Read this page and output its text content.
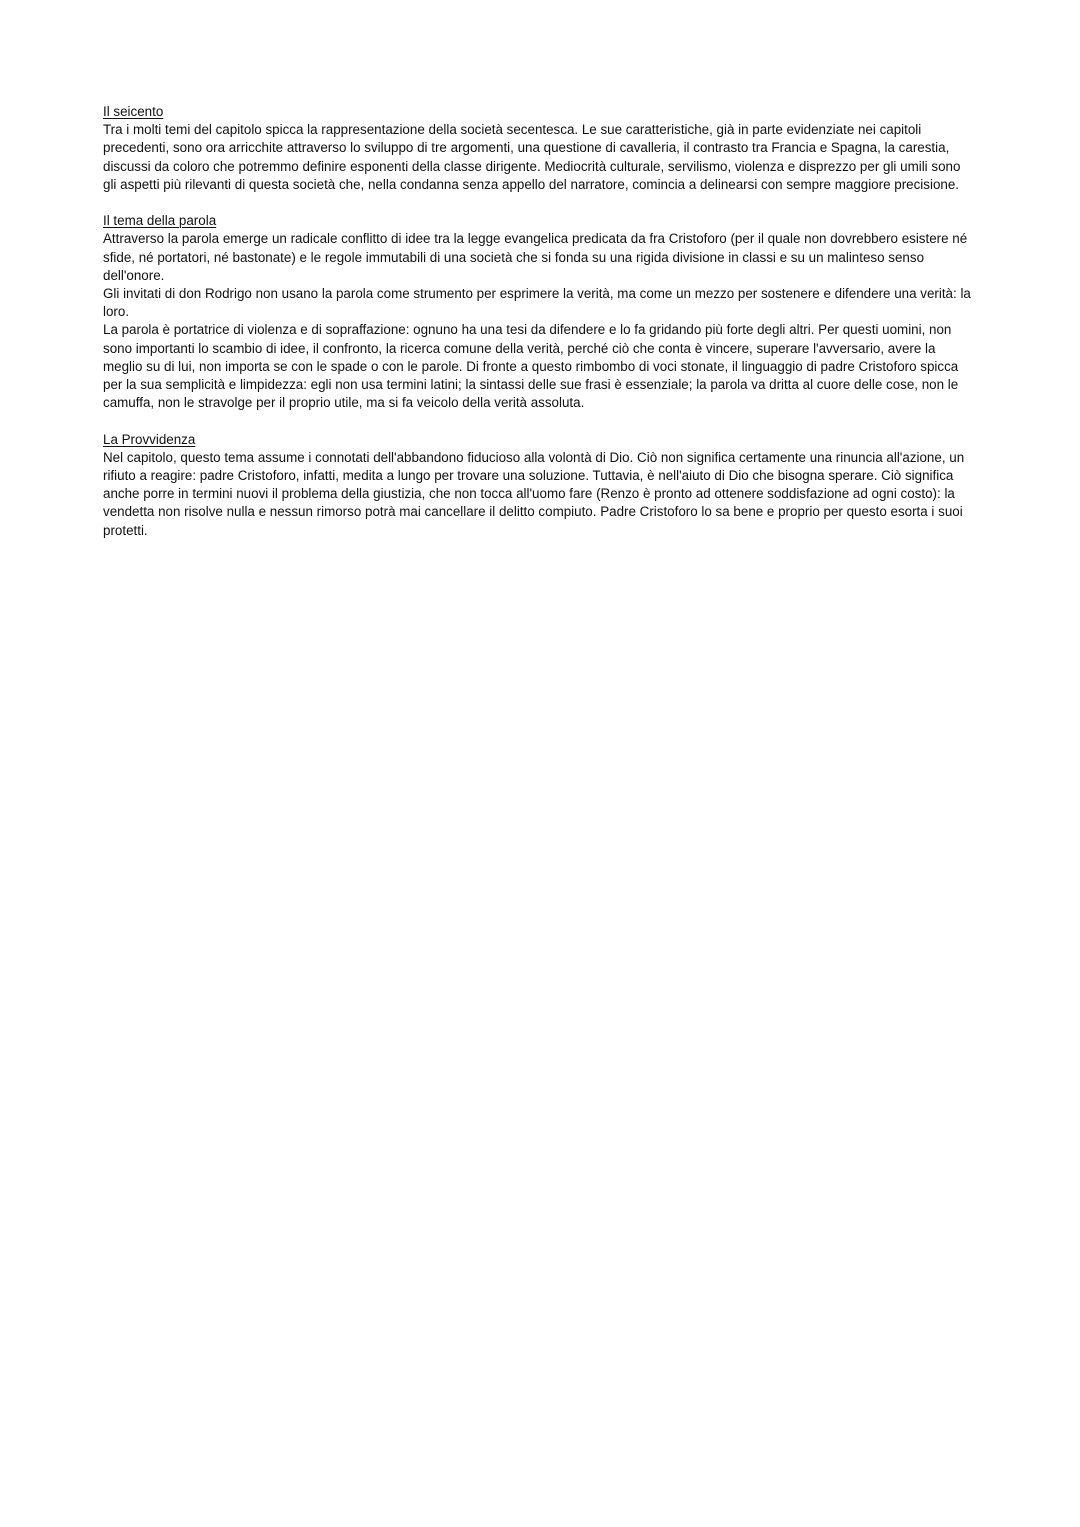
Il seicento

Tra i molti temi del capitolo spicca la rappresentazione della società secentesca. Le sue caratteristiche, già in parte evidenziate nei capitoli precedenti, sono ora arricchite attraverso lo sviluppo di tre argomenti, una questione di cavalleria, il contrasto tra Francia e Spagna, la carestia, discussi da coloro che potremmo definire esponenti della classe dirigente. Mediocrità culturale, servilismo, violenza e disprezzo per gli umili sono gli aspetti più rilevanti di questa società che, nella condanna senza appello del narratore, comincia a delinearsi con sempre maggiore precisione.

Il tema della parola

Attraverso la parola emerge un radicale conflitto di idee tra la legge evangelica predicata da fra Cristoforo (per il quale non dovrebbero esistere né sfide, né portatori, né bastonate) e le regole immutabili di una società che si fonda su una rigida divisione in classi e su un malinteso senso dell'onore.

Gli invitati di don Rodrigo non usano la parola come strumento per esprimere la verità, ma come un mezzo per sostenere e difendere una verità: la loro.

La parola è portatrice di violenza e di sopraffazione: ognuno ha una tesi da difendere e lo fa gridando più forte degli altri. Per questi uomini, non sono importanti lo scambio di idee, il confronto, la ricerca comune della verità, perché ciò che conta è vincere, superare l'avversario, avere la meglio su di lui, non importa se con le spade o con le parole. Di fronte a questo rimbombo di voci stonate, il linguaggio di padre Cristoforo spicca per la sua semplicità e limpidezza: egli non usa termini latini; la sintassi delle sue frasi è essenziale; la parola va dritta al cuore delle cose, non le camuffa, non le stravolge per il proprio utile, ma si fa veicolo della verità assoluta.

La Provvidenza

Nel capitolo, questo tema assume i connotati dell'abbandono fiducioso alla volontà di Dio. Ciò non significa certamente una rinuncia all'azione, un rifiuto a reagire: padre Cristoforo, infatti, medita a lungo per trovare una soluzione. Tuttavia, è nell'aiuto di Dio che bisogna sperare. Ciò significa anche porre in termini nuovi il problema della giustizia, che non tocca all'uomo fare (Renzo è pronto ad ottenere soddisfazione ad ogni costo): la vendetta non risolve nulla e nessun rimorso potrà mai cancellare il delitto compiuto. Padre Cristoforo lo sa bene e proprio per questo esorta i suoi protetti.
